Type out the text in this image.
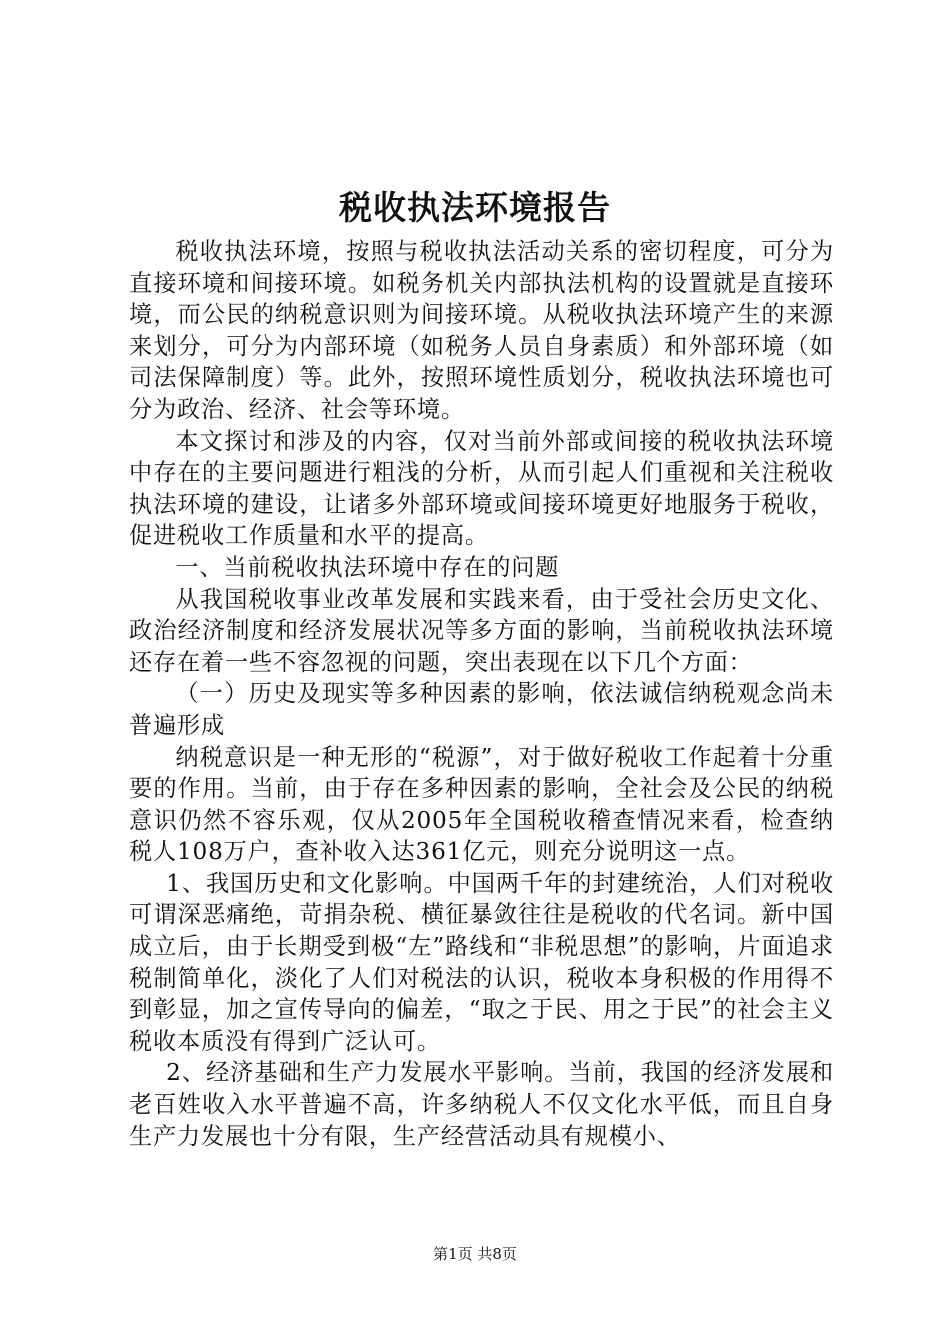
税收执法环境报告

税收执法环境，按照与税收执法活动关系的密切程度，可分为直接环境和间接环境。如税务机关内部执法机构的设置就是直接环境，而公民的纳税意识则为间接环境。从税收执法环境产生的来源来划分，可分为内部环境（如税务人员自身素质）和外部环境（如司法保障制度）等。此外，按照环境性质划分，税收执法环境也可分为政治、经济、社会等环境。

本文探讨和涉及的内容，仅对当前外部或间接的税收执法环境中存在的主要问题进行粗浅的分析，从而引起人们重视和关注税收执法环境的建设，让诸多外部环境或间接环境更好地服务于税收，促进税收工作质量和水平的提高。

一、当前税收执法环境中存在的问题

从我国税收事业改革发展和实践来看，由于受社会历史文化、政治经济制度和经济发展状况等多方面的影响，当前税收执法环境还存在着一些不容忽视的问题，突出表现在以下几个方面：

（一）历史及现实等多种因素的影响，依法诚信纳税观念尚未普遍形成

纳税意识是一种无形的“税源”，对于做好税收工作起着十分重要的作用。当前，由于存在多种因素的影响，全社会及公民的纳税意识仍然不容乐观，仅从2005年全国税收稽查情况来看，检查纳税人108万户，查补收入达361亿元，则充分说明这一点。

1、我国历史和文化影响。中国两千年的封建统治，人们对税收可谓深恶痛绝，苛捐杂税、横征暴敛往往是税收的代名词。新中国成立后，由于长期受到极“左”路线和“非税思想”的影响，片面追求税制简单化，淡化了人们对税法的认识，税收本身积极的作用得不到彰显，加之宣传导向的偏差，“取之于民、用之于民”的社会主义税收本质没有得到广泛认可。

2、经济基础和生产力发展水平影响。当前，我国的经济发展和老百姓收入水平普遍不高，许多纳税人不仅文化水平低，而且自身生产力发展也十分有限，生产经营活动具有规模小、

第1页 共8页
